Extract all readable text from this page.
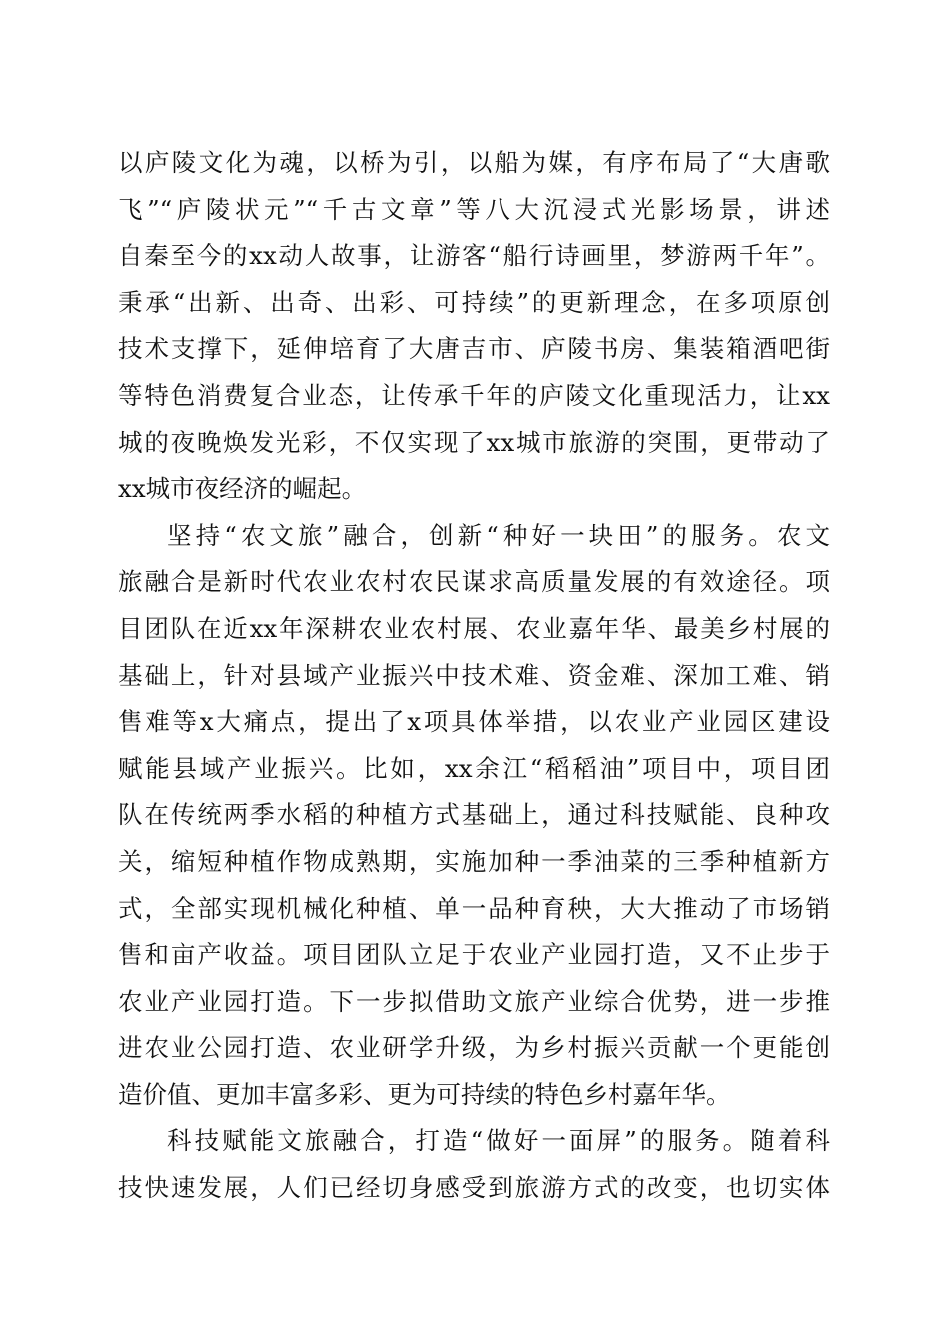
以庐陵文化为魂，以桥为引，以船为媒，有序布局了“大唐歌
飞”“庐陵状元”“千古文章”等八大沉浸式光影场景，讲述
自秦至今的xx动人故事，让游客“船行诗画里，梦游两千年”。
秉承“出新、出奇、出彩、可持续”的更新理念，在多项原创
技术支撑下，延伸培育了大唐吉市、庐陵书房、集装箱酒吧街
等特色消费复合业态，让传承千年的庐陵文化重现活力，让xx
城的夜晚焕发光彩，不仅实现了xx城市旅游的突围，更带动了
xx城市夜经济的崛起。
坚持“农文旅”融合，创新“种好一块田”的服务。农文
旅融合是新时代农业农村农民谋求高质量发展的有效途径。项
目团队在近xx年深耕农业农村展、农业嘉年华、最美乡村展的
基础上，针对县域产业振兴中技术难、资金难、深加工难、销
售难等x大痛点，提出了x项具体举措，以农业产业园区建设
赋能县域产业振兴。比如，xx余江“稻稻油”项目中，项目团
队在传统两季水稻的种植方式基础上，通过科技赋能、良种攻
关，缩短种植作物成熟期，实施加种一季油菜的三季种植新方
式，全部实现机械化种植、单一品种育秧，大大推动了市场销
售和亩产收益。项目团队立足于农业产业园打造，又不止步于
农业产业园打造。下一步拟借助文旅产业综合优势，进一步推
进农业公园打造、农业研学升级，为乡村振兴贡献一个更能创
造价值、更加丰富多彩、更为可持续的特色乡村嘉年华。
科技赋能文旅融合，打造“做好一面屏”的服务。随着科
技快速发展，人们已经切身感受到旅游方式的改变，也切实体
